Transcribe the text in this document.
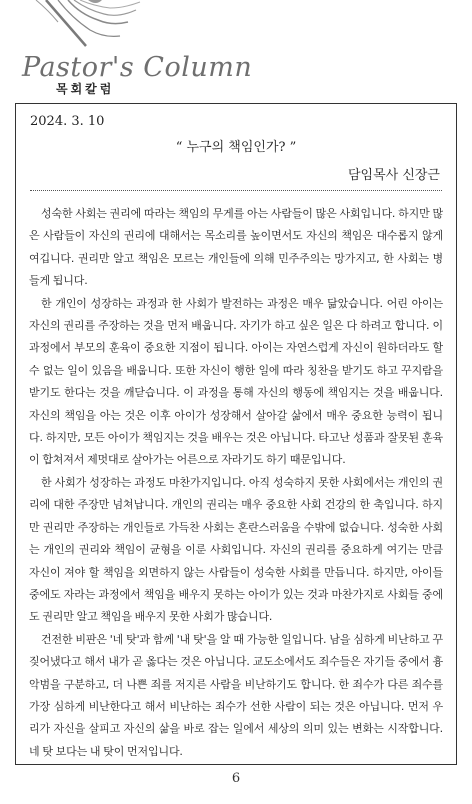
Pastor's Column
목회칼럼
2024. 3. 10
“ 누구의 책임인가? ”
담임목사 신장근

성숙한 사회는 권리에 따라는 책임의 무게를 아는 사람들이 많은 사회입니다. 하지만 많은 사람들이 자신의 권리에 대해서는 목소리를 높이면서도 자신의 책임은 대수롭지 않게 여깁니다. 권리만 알고 책임은 모르는 개인들에 의해 민주주의는 망가지고, 한 사회는 병들게 됩니다.

한 개인이 성장하는 과정과 한 사회가 발전하는 과정은 매우 닮았습니다. 어린 아이는 자신의 권리를 주장하는 것을 먼저 배웁니다. 자기가 하고 싶은 일은 다 하려고 합니다. 이 과정에서 부모의 훈육이 중요한 지점이 됩니다. 아이는 자연스럽게 자신이 원하더라도 할 수 없는 일이 있음을 배웁니다. 또한 자신이 행한 일에 따라 칭찬을 받기도 하고 꾸지람을 받기도 한다는 것을 깨닫습니다. 이 과정을 통해 자신의 행동에 책임지는 것을 배웁니다. 자신의 책임을 아는 것은 이후 아이가 성장해서 살아갈 삶에서 매우 중요한 능력이 됩니다. 하지만, 모든 아이가 책임지는 것을 배우는 것은 아닙니다. 타고난 성품과 잘못된 훈육이 합쳐져서 제멋대로 살아가는 어른으로 자라기도 하기 때문입니다.

한 사회가 성장하는 과정도 마찬가지입니다. 아직 성숙하지 못한 사회에서는 개인의 권리에 대한 주장만 넘쳐납니다. 개인의 권리는 매우 중요한 사회 건강의 한 축입니다. 하지만 권리만 주장하는 개인들로 가득찬 사회는 혼란스러움을 수밖에 없습니다. 성숙한 사회는 개인의 권리와 책임이 균형을 이룬 사회입니다. 자신의 권리를 중요하게 여기는 만큼 자신이 져야 할 책임을 외면하지 않는 사람들이 성숙한 사회를 만듭니다. 하지만, 아이들 중에도 자라는 과정에서 책임을 배우지 못하는 아이가 있는 것과 마찬가지로 사회들 중에도 권리만 알고 책임을 배우지 못한 사회가 많습니다.

건전한 비판은 '네 탓'과 함께 '내 탓'을 알 때 가능한 일입니다. 남을 심하게 비난하고 꾸짖어냈다고 해서 내가 곧 옳다는 것은 아닙니다. 교도소에서도 죄수들은 자기들 중에서 흉악범을 구분하고, 더 나쁜 죄를 저지른 사람을 비난하기도 합니다. 한 죄수가 다른 죄수를 가장 심하게 비난한다고 해서 비난하는 죄수가 선한 사람이 되는 것은 아닙니다. 먼저 우리가 자신을 살피고 자신의 삶을 바로 잡는 일에서 세상의 의미 있는 변화는 시작합니다. 네 탓 보다는 내 탓이 먼저입니다.

6
